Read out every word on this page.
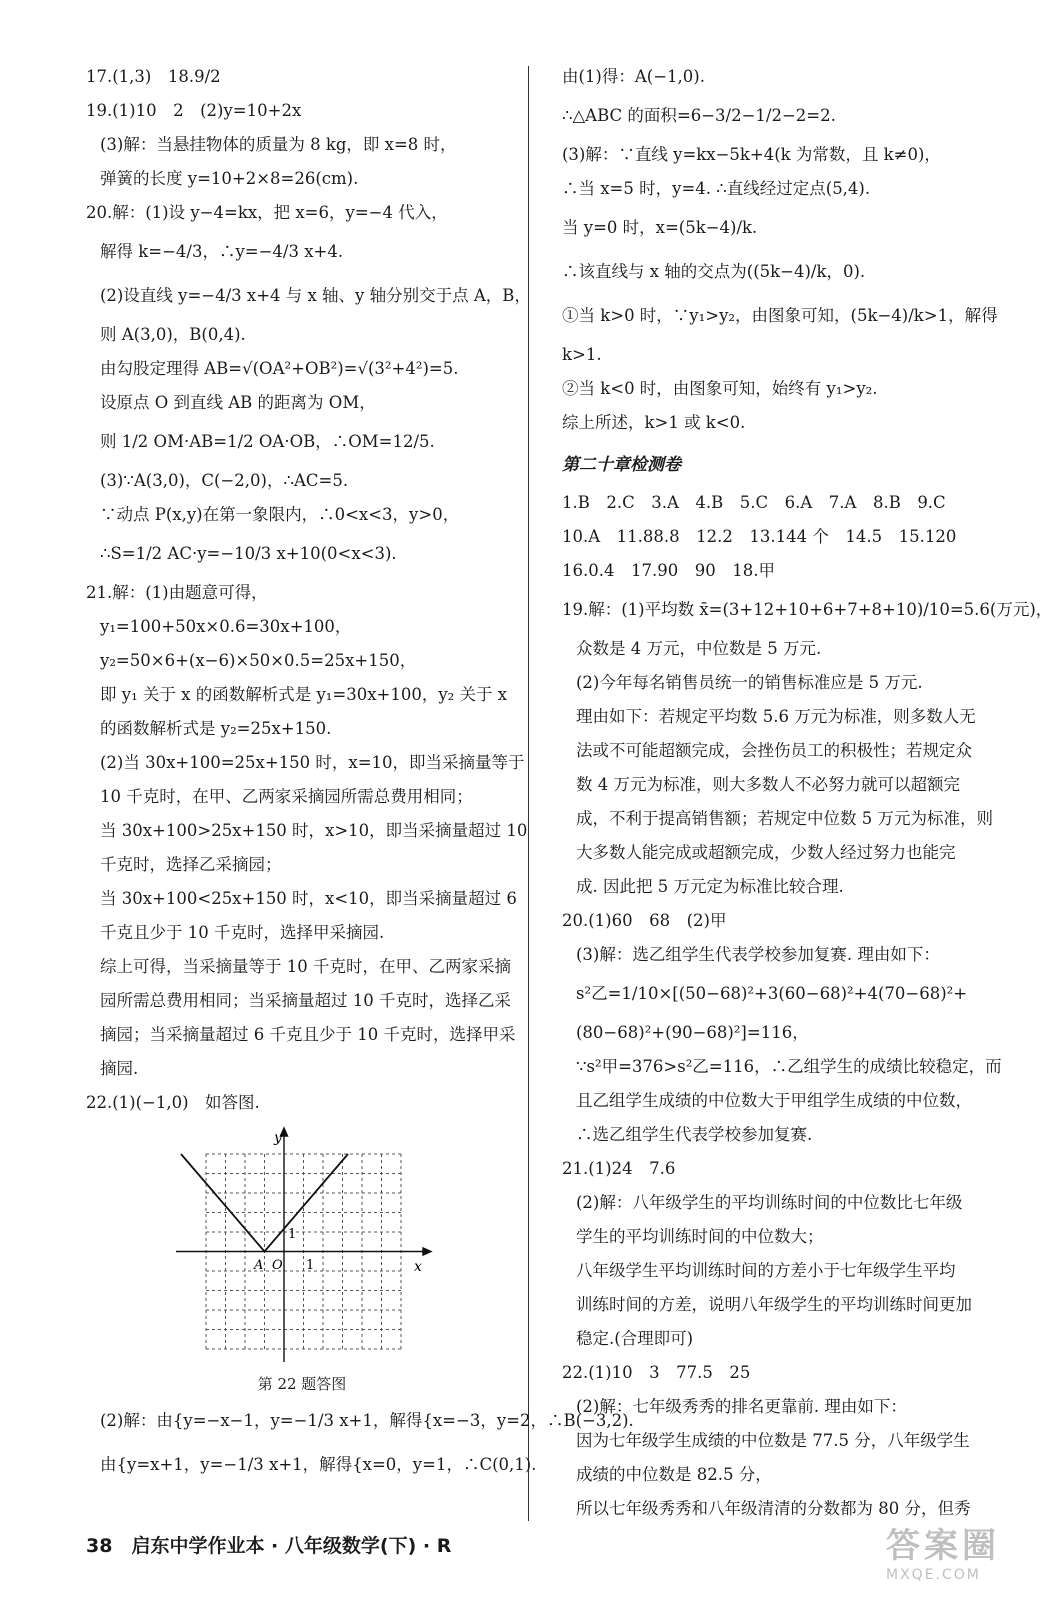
17.(1,3)　18.9/2
19.(1)10　2　(2)y=10+2x
(3)解：当悬挂物体的质量为 8 kg，即 x=8 时，
弹簧的长度 y=10+2×8=26(cm).
20.解：(1)设 y−4=kx，把 x=6，y=−4 代入，
解得 k=−4/3，∴y=−4/3 x+4.
(2)设直线 y=−4/3 x+4 与 x 轴、y 轴分别交于点 A，B，
则 A(3,0)，B(0,4).
由勾股定理得 AB=√(OA²+OB²)=√(3²+4²)=5.
设原点 O 到直线 AB 的距离为 OM，
则 1/2 OM·AB=1/2 OA·OB，∴OM=12/5.
(3)∵A(3,0)，C(−2,0)，∴AC=5.
∵动点 P(x,y)在第一象限内，∴0<x<3，y>0，
∴S=1/2 AC·y=−10/3 x+10(0<x<3).
21.解：(1)由题意可得，
y₁=100+50x×0.6=30x+100，
y₂=50×6+(x−6)×50×0.5=25x+150，
即 y₁ 关于 x 的函数解析式是 y₁=30x+100，y₂ 关于 x
的函数解析式是 y₂=25x+150.
(2)当 30x+100=25x+150 时，x=10，即当采摘量等于
10 千克时，在甲、乙两家采摘园所需总费用相同；
当 30x+100>25x+150 时，x>10，即当采摘量超过 10
千克时，选择乙采摘园；
当 30x+100<25x+150 时，x<10，即当采摘量超过 6
千克且少于 10 千克时，选择甲采摘园.
综上可得，当采摘量等于 10 千克时，在甲、乙两家采摘
园所需总费用相同；当采摘量超过 10 千克时，选择乙采
摘园；当采摘量超过 6 千克且少于 10 千克时，选择甲采
摘园.
22.(1)(−1,0)　如答图.
y
x
A O 1
1
第 22 题答图
(2)解：由{y=−x−1，y=−1/3 x+1，解得{x=−3，y=2，∴B(−3,2).
由{y=x+1，y=−1/3 x+1，解得{x=0，y=1，∴C(0,1).
由(1)得：A(−1,0).
∴△ABC 的面积=6−3/2−1/2−2=2.
(3)解：∵直线 y=kx−5k+4(k 为常数，且 k≠0)，
∴当 x=5 时，y=4. ∴直线经过定点(5,4).
当 y=0 时，x=(5k−4)/k.
∴该直线与 x 轴的交点为((5k−4)/k，0).
①当 k>0 时，∵y₁>y₂，由图象可知，(5k−4)/k>1，解得
k>1.
②当 k<0 时，由图象可知，始终有 y₁>y₂.
综上所述，k>1 或 k<0.
第二十章检测卷
1.B　2.C　3.A　4.B　5.C　6.A　7.A　8.B　9.C
10.A　11.88.8　12.2　13.144 个　14.5　15.120
16.0.4　17.90　90　18.甲
19.解：(1)平均数 x̄=(3+12+10+6+7+8+10)/10=5.6(万元)，
众数是 4 万元，中位数是 5 万元.
(2)今年每名销售员统一的销售标准应是 5 万元.
理由如下：若规定平均数 5.6 万元为标准，则多数人无
法或不可能超额完成，会挫伤员工的积极性；若规定众
数 4 万元为标准，则大多数人不必努力就可以超额完
成，不利于提高销售额；若规定中位数 5 万元为标准，则
大多数人能完成或超额完成，少数人经过努力也能完
成. 因此把 5 万元定为标准比较合理.
20.(1)60　68　(2)甲
(3)解：选乙组学生代表学校参加复赛. 理由如下：
s²乙=1/10×[(50−68)²+3(60−68)²+4(70−68)²+
(80−68)²+(90−68)²]=116，
∵s²甲=376>s²乙=116，∴乙组学生的成绩比较稳定，而
且乙组学生成绩的中位数大于甲组学生成绩的中位数，
∴选乙组学生代表学校参加复赛.
21.(1)24　7.6
(2)解：八年级学生的平均训练时间的中位数比七年级
学生的平均训练时间的中位数大；
八年级学生平均训练时间的方差小于七年级学生平均
训练时间的方差，说明八年级学生的平均训练时间更加
稳定.(合理即可)
22.(1)10　3　77.5　25
(2)解：七年级秀秀的排名更靠前. 理由如下：
因为七年级学生成绩的中位数是 77.5 分，八年级学生
成绩的中位数是 82.5 分，
所以七年级秀秀和八年级清清的分数都为 80 分，但秀
38　启东中学作业本 · 八年级数学(下) · R	答案圈
MXQE.COM
